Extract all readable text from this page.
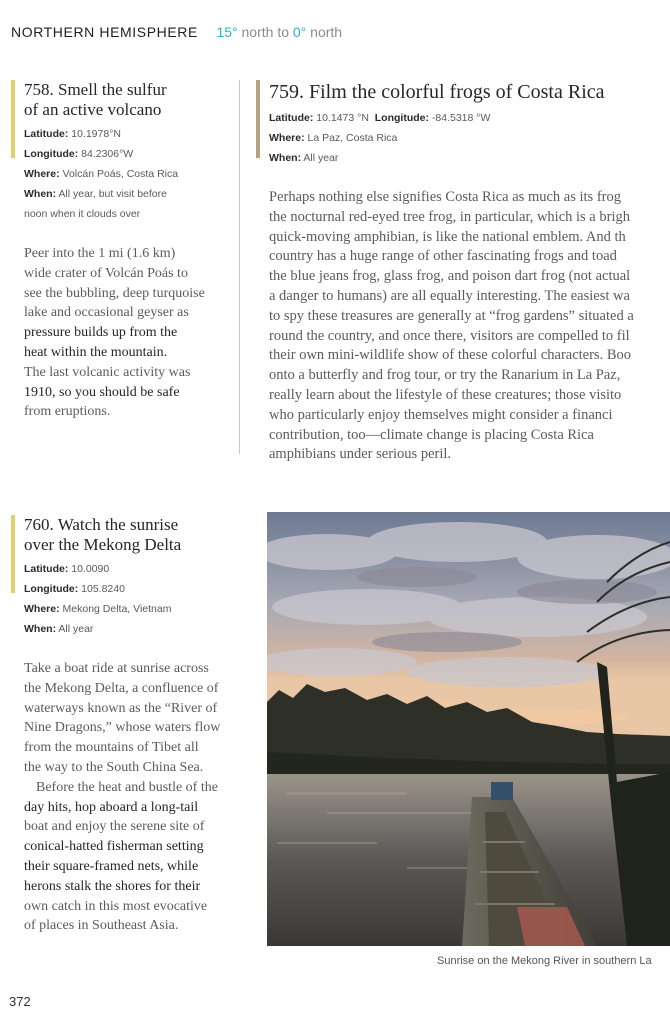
NORTHERN HEMISPHERE 15° north to 0° north
758. Smell the sulfur
of an active volcano
Latitude: 10.1978°N
Longitude: 84.2306°W
Where: Volcán Poás, Costa Rica
When: All year, but visit before
noon when it clouds over
Peer into the 1 mi (1.6 km)
wide crater of Volcán Poás to
see the bubbling, deep turquoise
lake and occasional geyser as
pressure builds up from the
heat within the mountain.
The last volcanic activity was
1910, so you should be safe
from eruptions.
759. Film the colorful frogs of Costa Rica
Latitude: 10.1473 °N Longitude: -84.5318 °W
Where: La Paz, Costa Rica
When: All year
Perhaps nothing else signifies Costa Rica as much as its frog
the nocturnal red-eyed tree frog, in particular, which is a brigh
quick-moving amphibian, is like the national emblem. And th
country has a huge range of other fascinating frogs and toad
the blue jeans frog, glass frog, and poison dart frog (not actual
a danger to humans) are all equally interesting. The easiest wa
to spy these treasures are generally at “frog gardens” situated a
round the country, and once there, visitors are compelled to fil
their own mini-wildlife show of these colorful characters. Boo
onto a butterfly and frog tour, or try the Ranarium in La Paz,
really learn about the lifestyle of these creatures; those visito
who particularly enjoy themselves might consider a financi
contribution, too—climate change is placing Costa Rica
amphibians under serious peril.
760. Watch the sunrise
over the Mekong Delta
Latitude: 10.0090
Longitude: 105.8240
Where: Mekong Delta, Vietnam
When: All year
Take a boat ride at sunrise across
the Mekong Delta, a confluence of
waterways known as the “River of
Nine Dragons,” whose waters flow
from the mountains of Tibet all
the way to the South China Sea.
Before the heat and bustle of the
day hits, hop aboard a long-tail
boat and enjoy the serene site of
conical-hatted fisherman setting
their square-framed nets, while
herons stalk the shores for their
own catch in this most evocative
of places in Southeast Asia.
Sunrise on the Mekong River in southern La
372
